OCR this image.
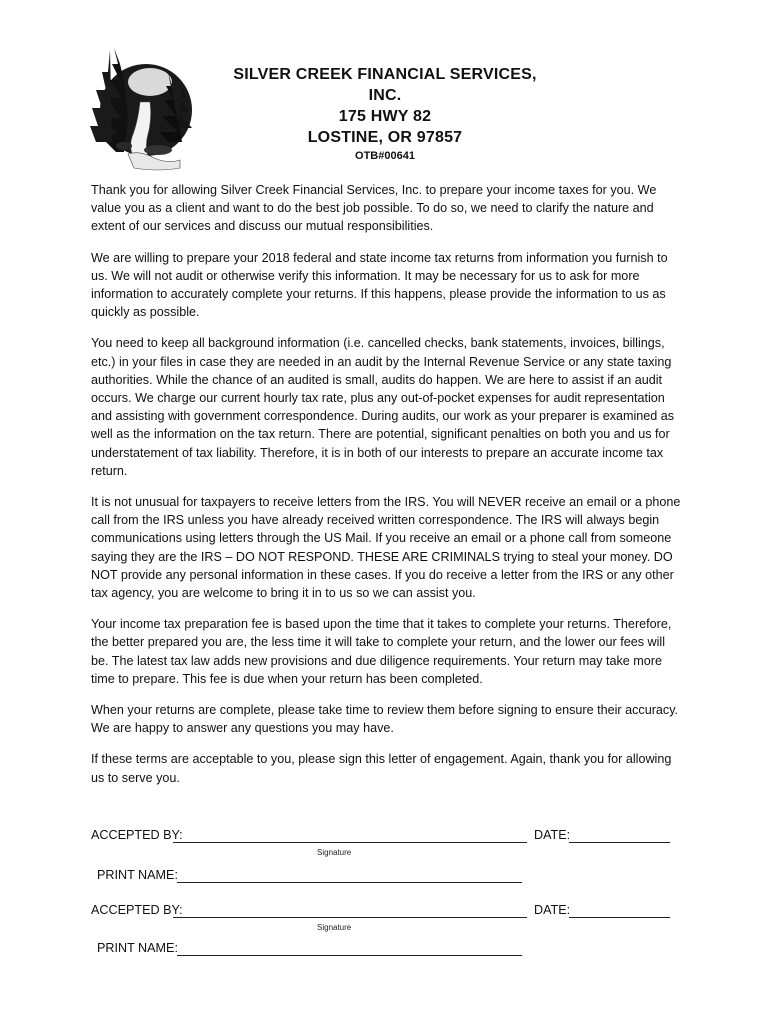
SILVER CREEK FINANCIAL SERVICES, INC.
175 HWY 82
LOSTINE, OR 97857
OTB#00641

Thank you for allowing Silver Creek Financial Services, Inc. to prepare your income taxes for you. We value you as a client and want to do the best job possible. To do so, we need to clarify the nature and extent of our services and discuss our mutual responsibilities.

We are willing to prepare your 2018 federal and state income tax returns from information you furnish to us. We will not audit or otherwise verify this information. It may be necessary for us to ask for more information to accurately complete your returns. If this happens, please provide the information to us as quickly as possible.

You need to keep all background information (i.e. cancelled checks, bank statements, invoices, billings, etc.) in your files in case they are needed in an audit by the Internal Revenue Service or any state taxing authorities. While the chance of an audited is small, audits do happen. We are here to assist if an audit occurs. We charge our current hourly tax rate, plus any out-of-pocket expenses for audit representation and assisting with government correspondence. During audits, our work as your preparer is examined as well as the information on the tax return. There are potential, significant penalties on both you and us for understatement of tax liability. Therefore, it is in both of our interests to prepare an accurate income tax return.

It is not unusual for taxpayers to receive letters from the IRS. You will NEVER receive an email or a phone call from the IRS unless you have already received written correspondence. The IRS will always begin communications using letters through the US Mail. If you receive an email or a phone call from someone saying they are the IRS – DO NOT RESPOND. THESE ARE CRIMINALS trying to steal your money. DO NOT provide any personal information in these cases. If you do receive a letter from the IRS or any other tax agency, you are welcome to bring it in to us so we can assist you.

Your income tax preparation fee is based upon the time that it takes to complete your returns. Therefore, the better prepared you are, the less time it will take to complete your return, and the lower our fees will be. The latest tax law adds new provisions and due diligence requirements. Your return may take more time to prepare. This fee is due when your return has been completed.

When your returns are complete, please take time to review them before signing to ensure their accuracy. We are happy to answer any questions you may have.

If these terms are acceptable to you, please sign this letter of engagement. Again, thank you for allowing us to serve you.

ACCEPTED BY:	DATE:
Signature
PRINT NAME:
ACCEPTED BY:	DATE:
Signature
PRINT NAME:
